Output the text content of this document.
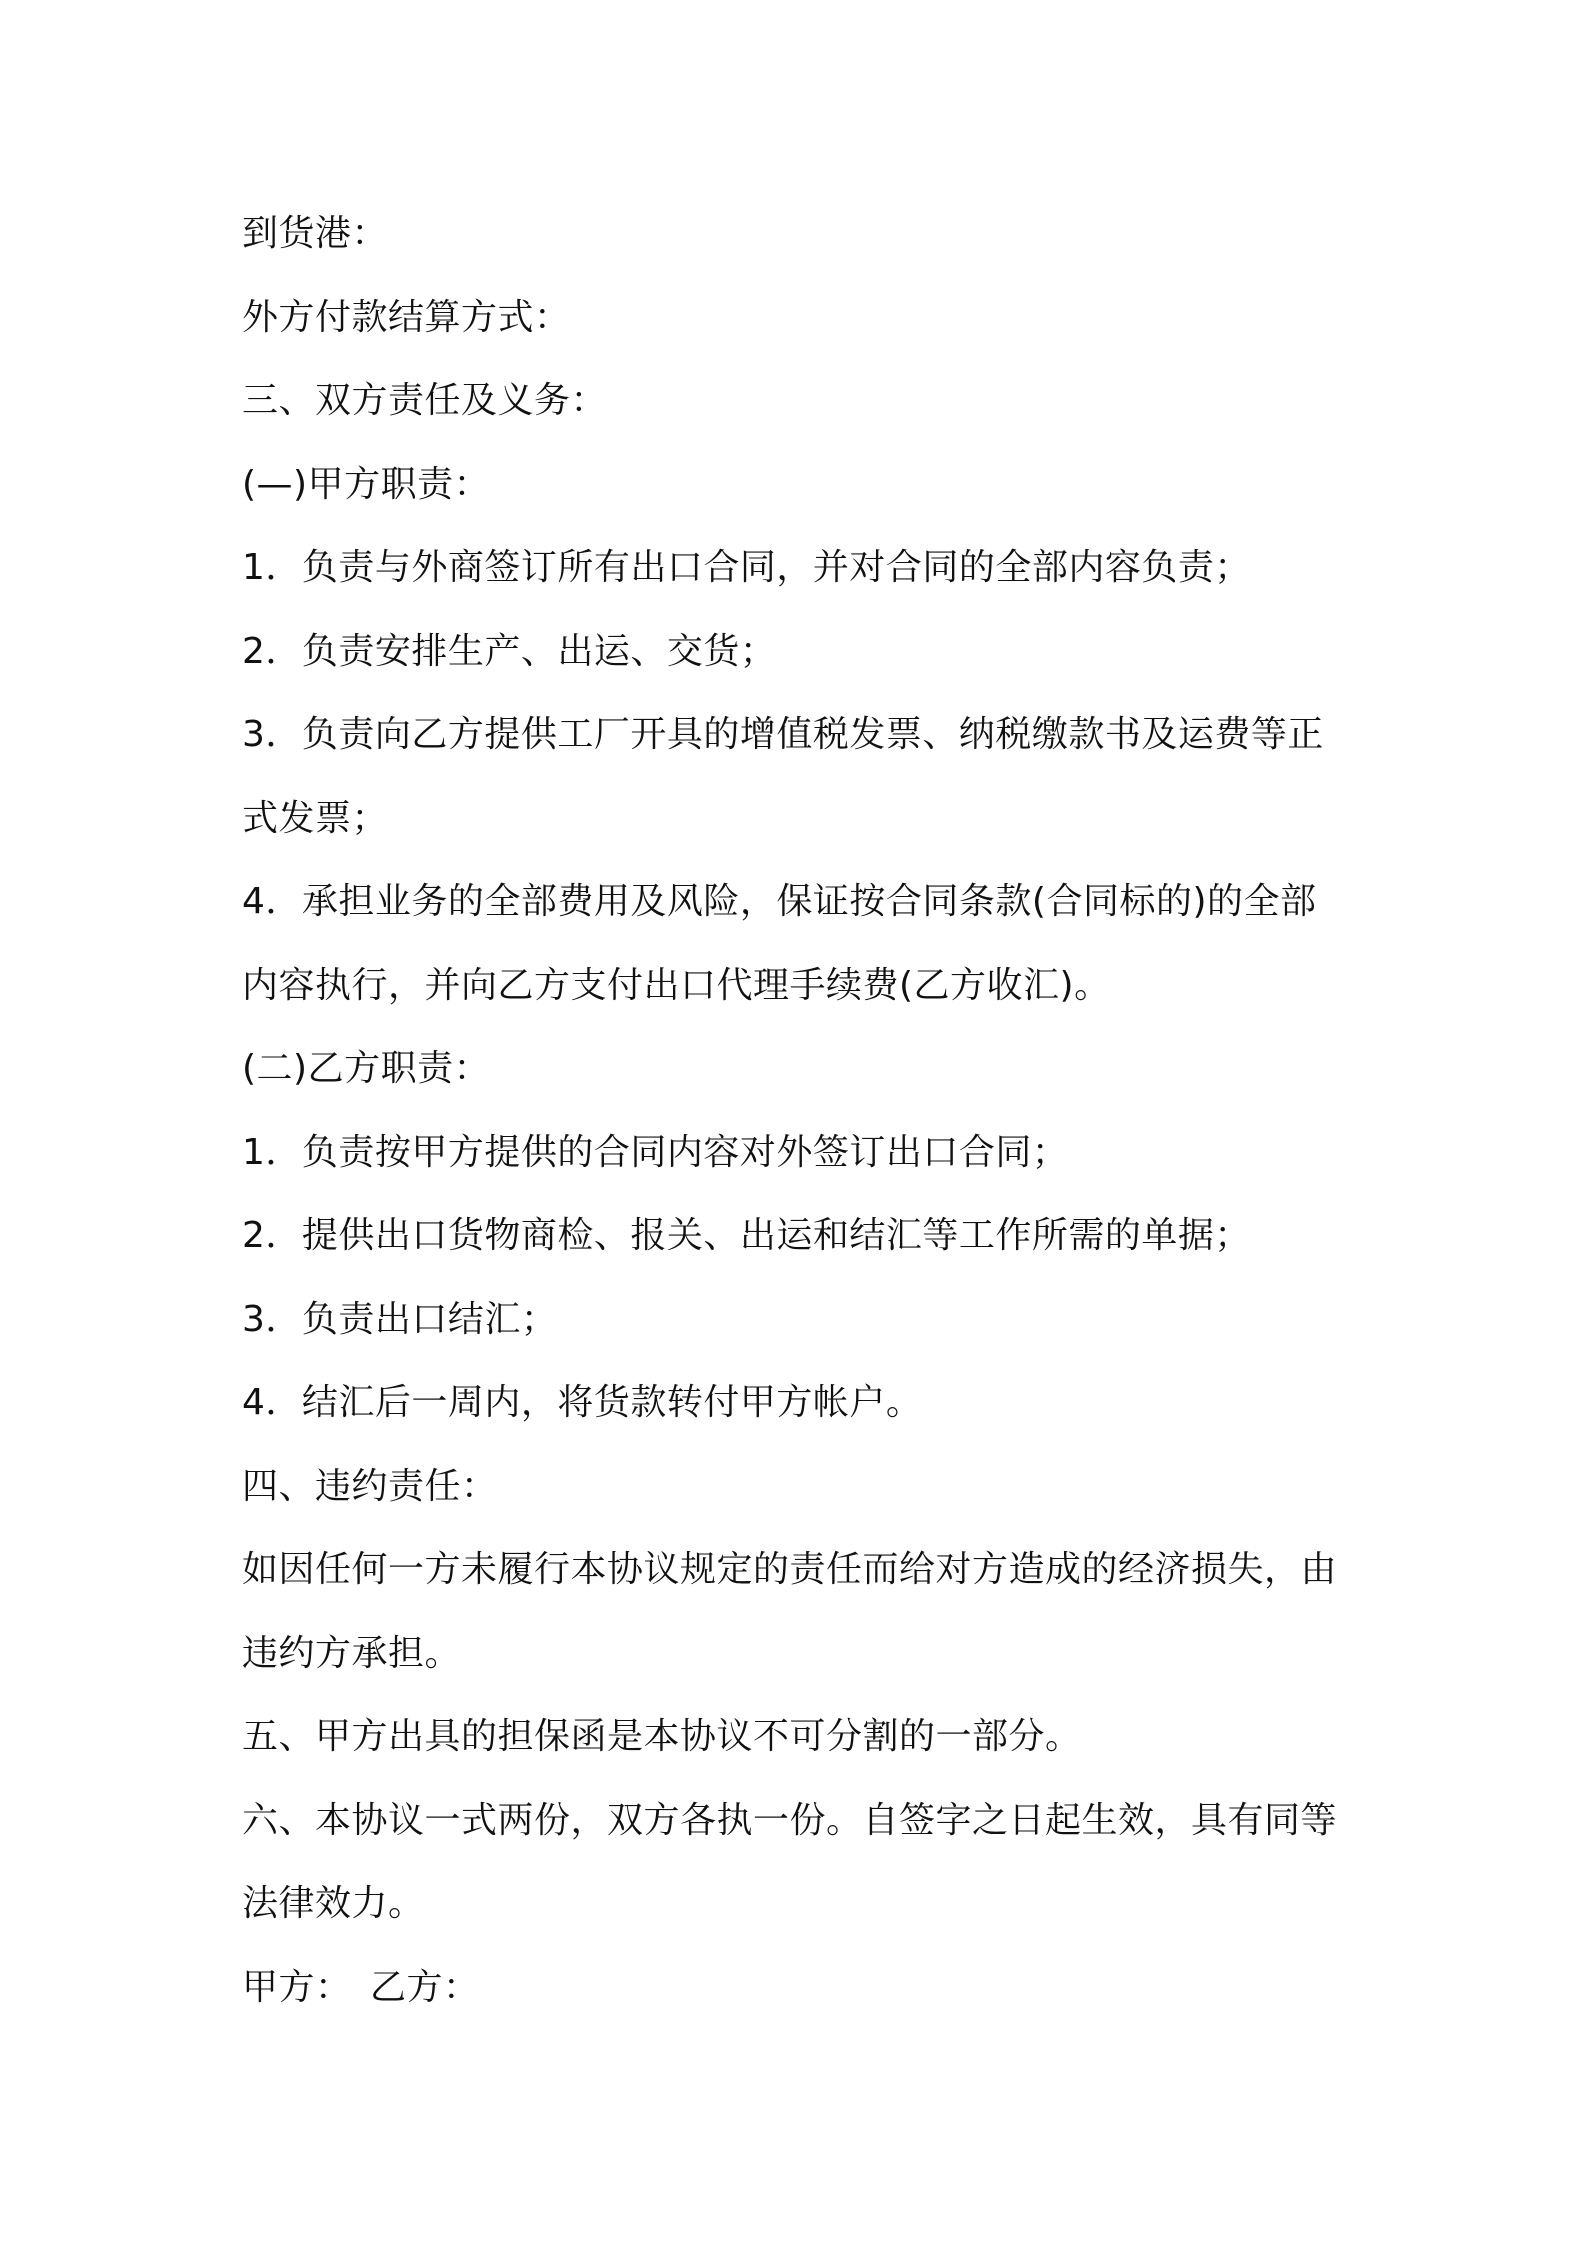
到货港：

外方付款结算方式：

三、双方责任及义务：

(—)甲方职责：

1．负责与外商签订所有出口合同，并对合同的全部内容负责；

2．负责安排生产、出运、交货；

3．负责向乙方提供工厂开具的增值税发票、纳税缴款书及运费等正

式发票；

4．承担业务的全部费用及风险，保证按合同条款(合同标的)的全部

内容执行，并向乙方支付出口代理手续费(乙方收汇)。

(二)乙方职责：

1．负责按甲方提供的合同内容对外签订出口合同；

2．提供出口货物商检、报关、出运和结汇等工作所需的单据；

3．负责出口结汇；

4．结汇后一周内，将货款转付甲方帐户。

四、违约责任：

如因任何一方未履行本协议规定的责任而给对方造成的经济损失，由

违约方承担。

五、甲方出具的担保函是本协议不可分割的一部分。

六、本协议一式两份，双方各执一份。自签字之日起生效，具有同等

法律效力。

甲方：　乙方：
